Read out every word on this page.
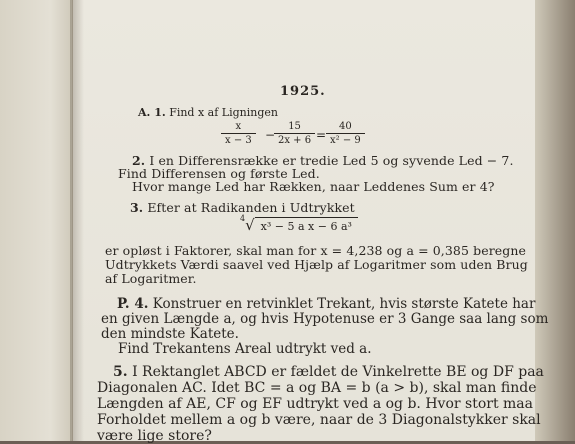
1925.
A. 1. Find x af Ligningen
x
x − 3	−
15
2x + 6 =
40
x² − 9
2. I en Differensrække er tredie Led 5 og syvende Led − 7.
Find Differensen og første Led.
Hvor mange Led har Rækken, naar Leddenes Sum er 4?
3. Efter at Radikanden i Udtrykket
$^4$√ x³ − 5 a x − 6 a³
er opløst i Faktorer, skal man for x = 4,238 og a = 0,385 beregne
Udtrykkets Værdi saavel ved Hjælp af Logaritmer som uden Brug
af Logaritmer.
P. 4. Konstruer en retvinklet Trekant, hvis største Katete har
en given Længde a, og hvis Hypotenuse er 3 Gange saa lang som
den mindste Katete.
Find Trekantens Areal udtrykt ved a.
5. I Rektanglet ABCD er fældet de Vinkelrette BE og DF paa
Diagonalen AC. Idet BC = a og BA = b (a > b), skal man finde
Længden af AE, CF og EF udtrykt ved a og b. Hvor stort maa
Forholdet mellem a og b være, naar de 3 Diagonalstykker skal
være lige store?
